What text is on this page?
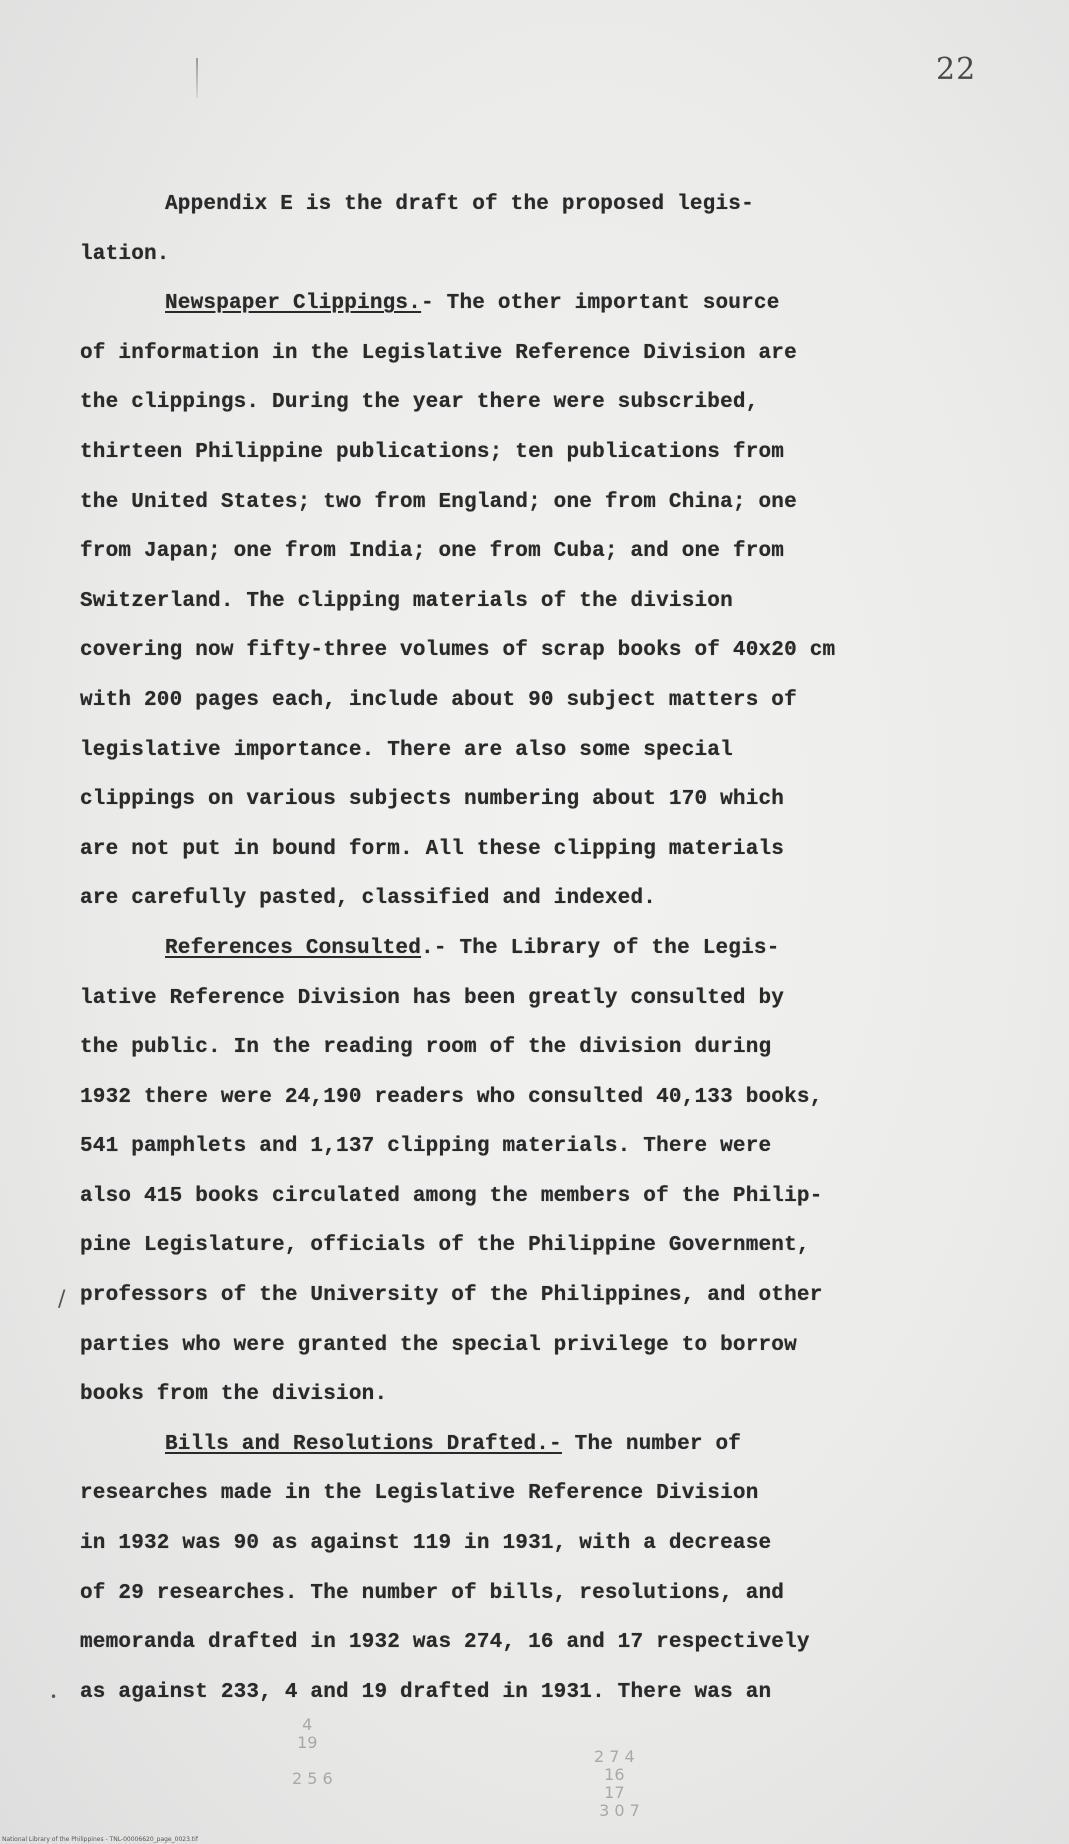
22
Appendix E is the draft of the proposed legis-
lation.
Newspaper Clippings.- The other important source
of information in the Legislative Reference Division are
the clippings. During the year there were subscribed,
thirteen Philippine publications; ten publications from
the United States; two from England; one from China; one
from Japan; one from India; one from Cuba; and one from
Switzerland. The clipping materials of the division
covering now fifty-three volumes of scrap books of 40x20 cm
with 200 pages each, include about 90 subject matters of
legislative importance. There are also some special
clippings on various subjects numbering about 170 which
are not put in bound form. All these clipping materials
are carefully pasted, classified and indexed.
References Consulted.- The Library of the Legis-
lative Reference Division has been greatly consulted by
the public. In the reading room of the division during
1932 there were 24,190 readers who consulted 40,133 books,
541 pamphlets and 1,137 clipping materials. There were
also 415 books circulated among the members of the Philip-
pine Legislature, officials of the Philippine Government,
professors of the University of the Philippines, and other
parties who were granted the special privilege to borrow
books from the division.
Bills and Resolutions Drafted.- The number of
researches made in the Legislative Reference Division
in 1932 was 90 as against 119 in 1931, with a decrease
of 29 researches. The number of bills, resolutions, and
memoranda drafted in 1932 was 274, 16 and 17 respectively
as against 233, 4 and 19 drafted in 1931. There was an
/
•
4
19

2 5 6
2 7 4
16
17
3 0 7
National Library of the Philippines - TNL-00006620_page_0023.tif
